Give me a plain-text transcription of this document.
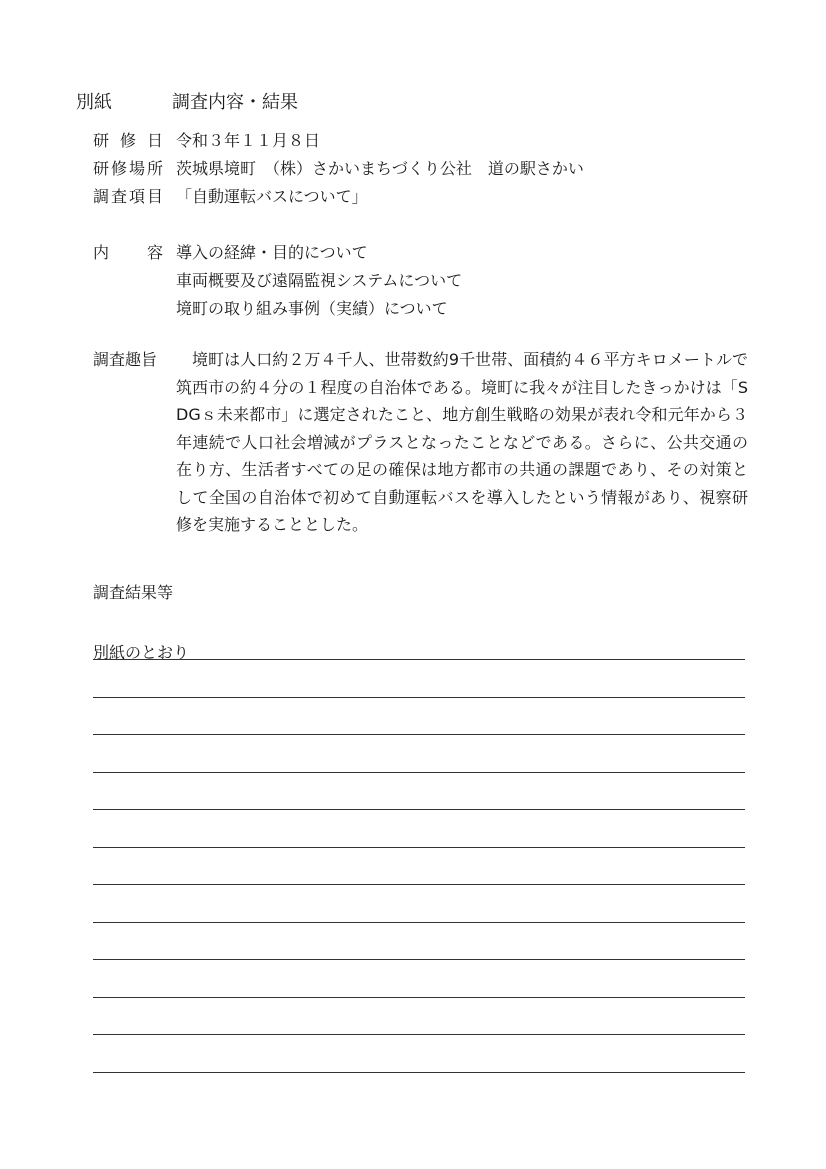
別紙	調査内容・結果
研修日 令和３年１１月８日
研修場所 茨城県境町　（株）さかいまちづくり公社　道の駅さかい
調査項目 「自動運転バスについて」
内容 導入の経緯・目的について
車両概要及び遠隔監視システムについて
境町の取り組み事例（実績）について
調査趣旨	境町は人口約２万４千人、世帯数約9千世帯、面積約４６平方キロメートルで筑西市の約４分の１程度の自治体である。境町に我々が注目したきっかけは「SDGｓ未来都市」に選定されたこと、地方創生戦略の効果が表れ令和元年から３年連続で人口社会増減がプラスとなったことなどである。さらに、公共交通の在り方、生活者すべての足の確保は地方都市の共通の課題であり、その対策として全国の自治体で初めて自動運転バスを導入したという情報があり、視察研修を実施することとした。
調査結果等
別紙のとおり
